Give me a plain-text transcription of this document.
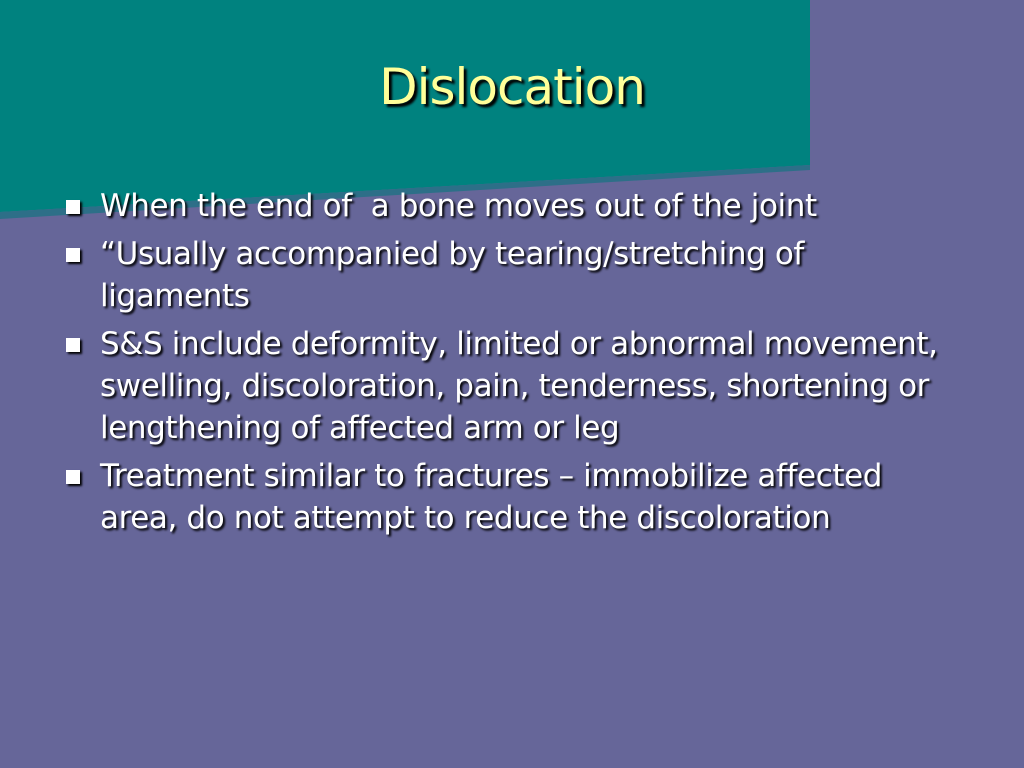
Dislocation
When the end of  a bone moves out of the joint
“Usually accompanied by tearing/stretching of ligaments
S&S include deformity, limited or abnormal movement, swelling, discoloration, pain, tenderness, shortening or lengthening of affected arm or leg
Treatment similar to fractures – immobilize affected area, do not attempt to reduce the discoloration
